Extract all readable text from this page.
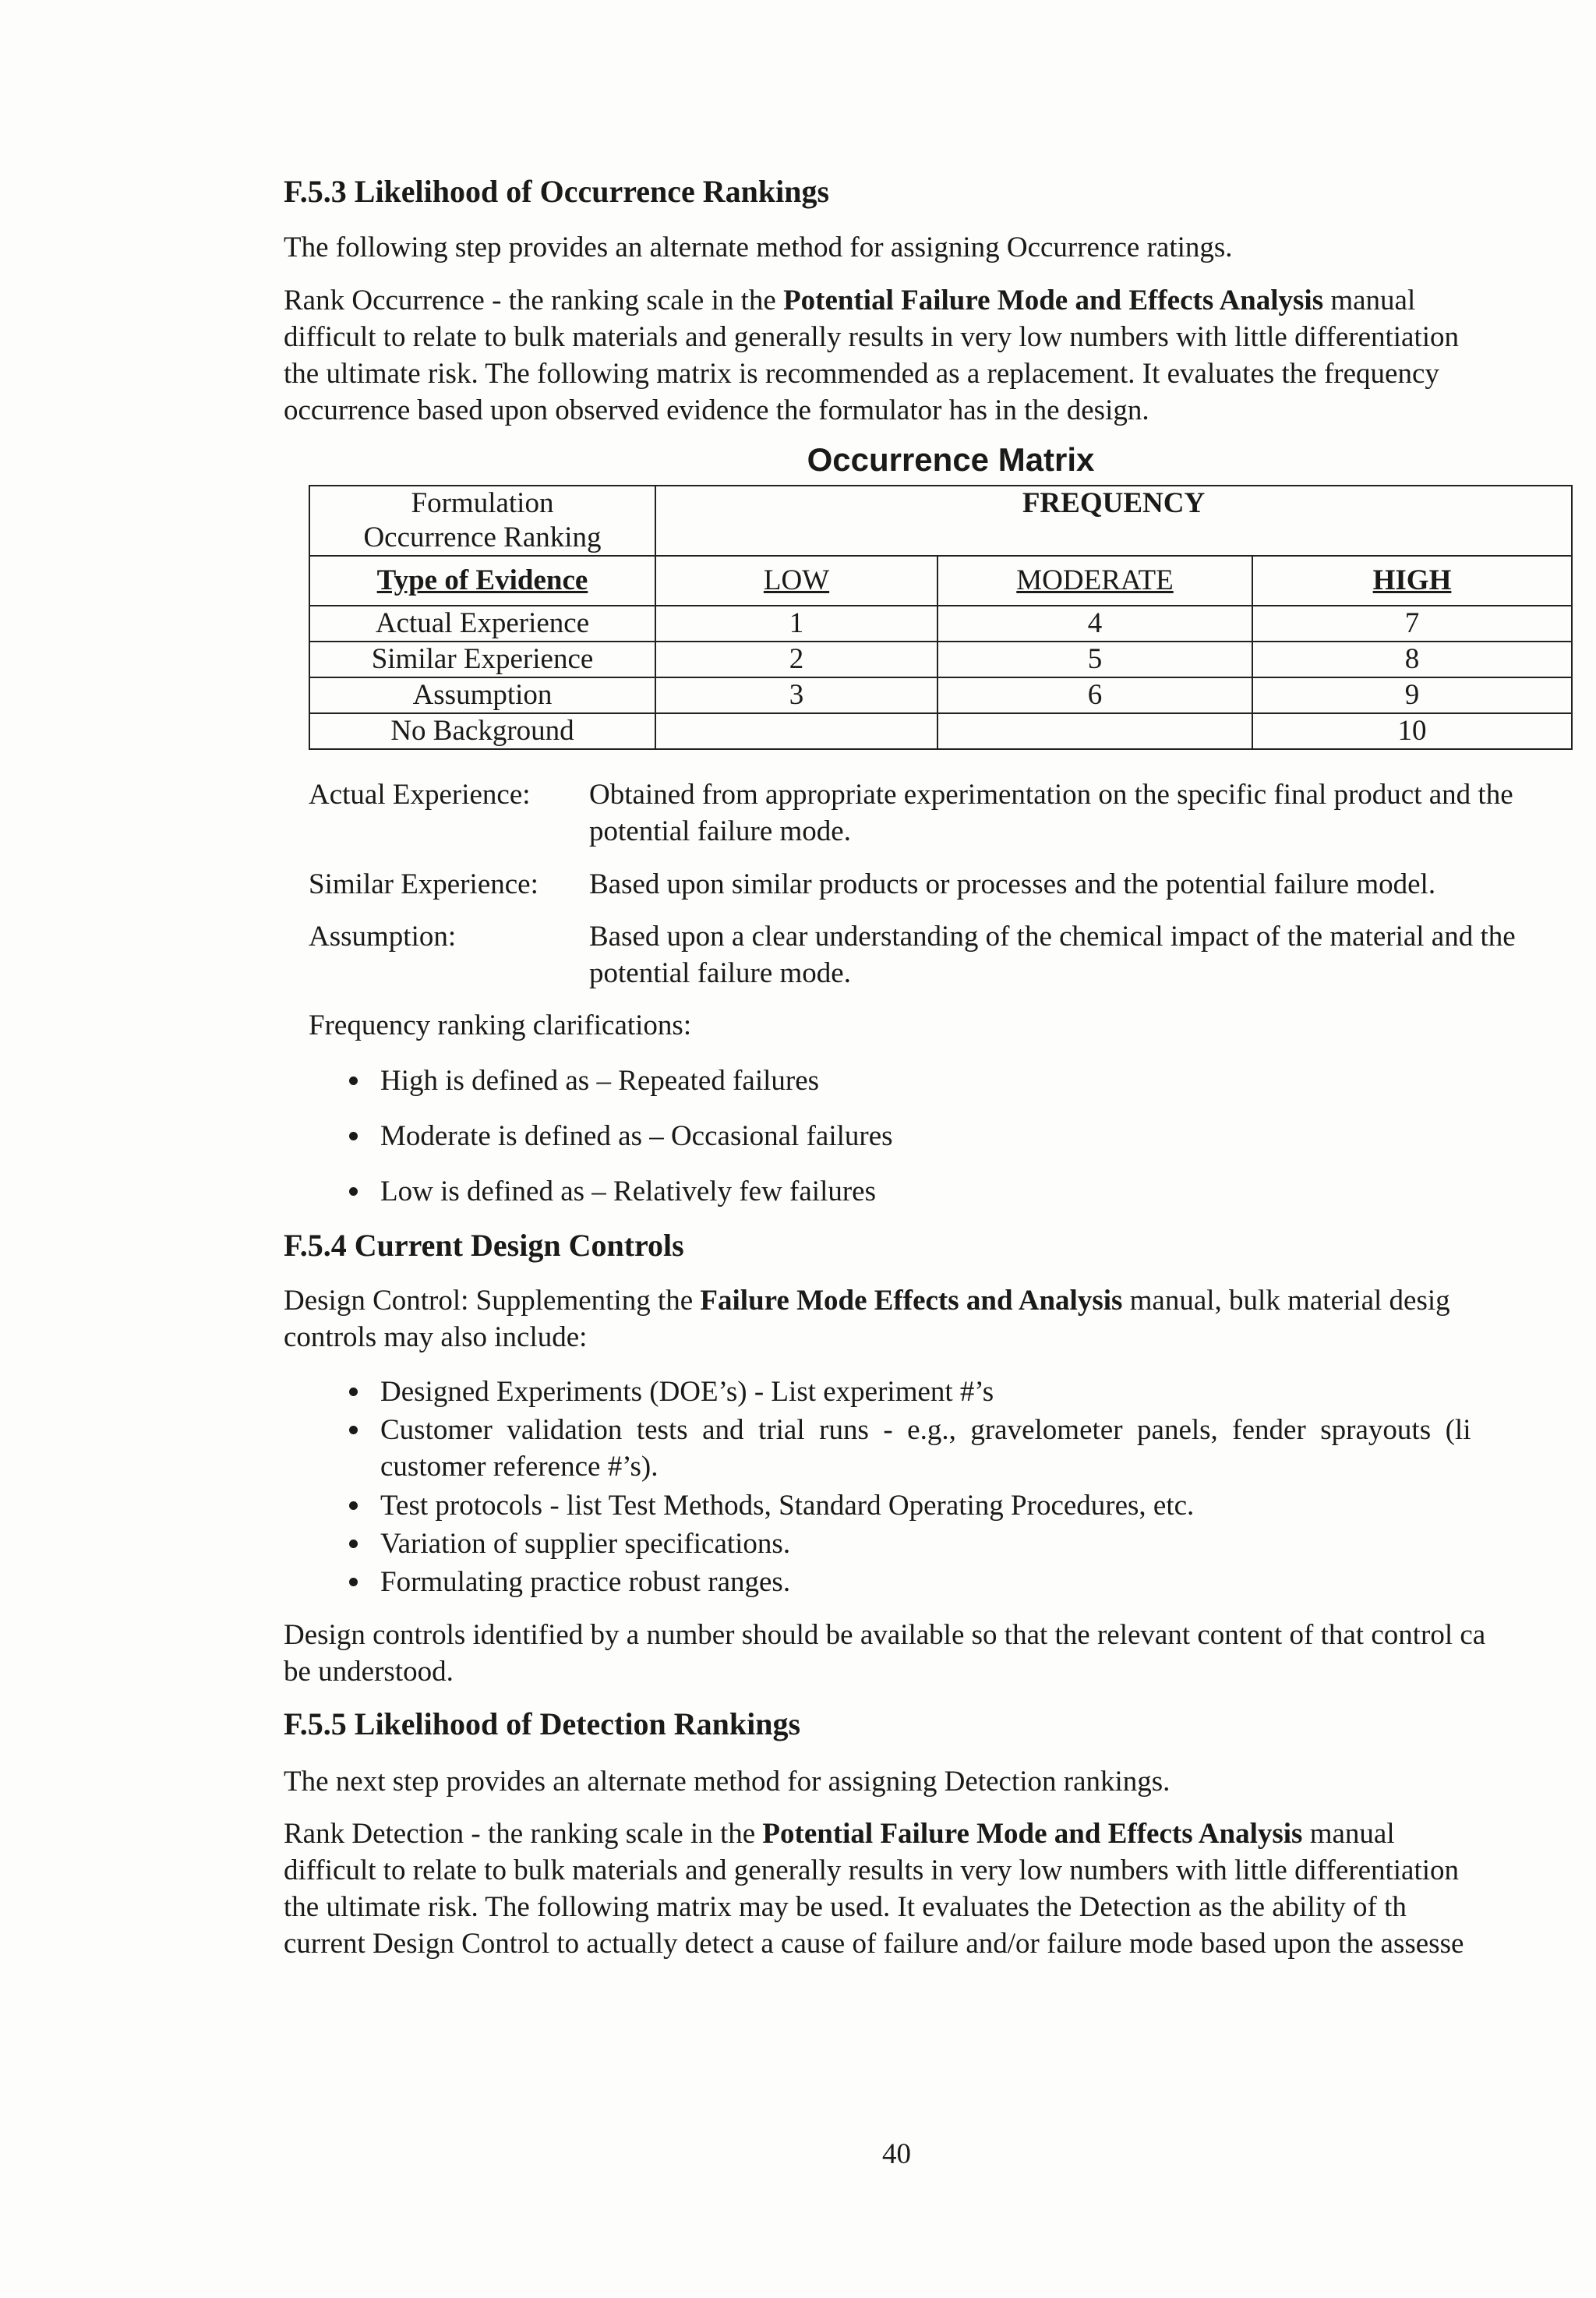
F.5.3 Likelihood of Occurrence Rankings
The following step provides an alternate method for assigning Occurrence ratings.
Rank Occurrence - the ranking scale in the Potential Failure Mode and Effects Analysis manual
difficult to relate to bulk materials and generally results in very low numbers with little differentiation
the ultimate risk. The following matrix is recommended as a replacement. It evaluates the frequency
occurrence based upon observed evidence the formulator has in the design.
Occurrence Matrix
Formulation
Occurrence Ranking	FREQUENCY		
Type of Evidence	LOW	MODERATE	HIGH
Actual Experience	1	4	7
Similar Experience	2	5	8
Assumption	3	6	9
No Background			10
Actual Experience: Obtained from appropriate experimentation on the specific final product and the
potential failure mode.
Similar Experience: Based upon similar products or processes and the potential failure model.
Assumption:	Based upon a clear understanding of the chemical impact of the material and the
potential failure mode.
Frequency ranking clarifications:
High is defined as – Repeated failures
Moderate is defined as – Occasional failures
Low is defined as – Relatively few failures
F.5.4 Current Design Controls
Design Control: Supplementing the Failure Mode Effects and Analysis manual, bulk material desig
controls may also include:
Designed Experiments (DOE’s) - List experiment #’s
Customer  validation  tests  and  trial  runs  -  e.g.,  gravelometer  panels,  fender  sprayouts  (li
customer reference #’s).
Test protocols - list Test Methods, Standard Operating Procedures, etc.
Variation of supplier specifications.
Formulating practice robust ranges.
Design controls identified by a number should be available so that the relevant content of that control ca
be understood.
F.5.5 Likelihood of Detection Rankings
The next step provides an alternate method for assigning Detection rankings.
Rank Detection - the ranking scale in the Potential Failure Mode and Effects Analysis manual
difficult to relate to bulk materials and generally results in very low numbers with little differentiation
the ultimate risk. The following matrix may be used. It evaluates the Detection as the ability of th
current Design Control to actually detect a cause of failure and/or failure mode based upon the assesse
40
